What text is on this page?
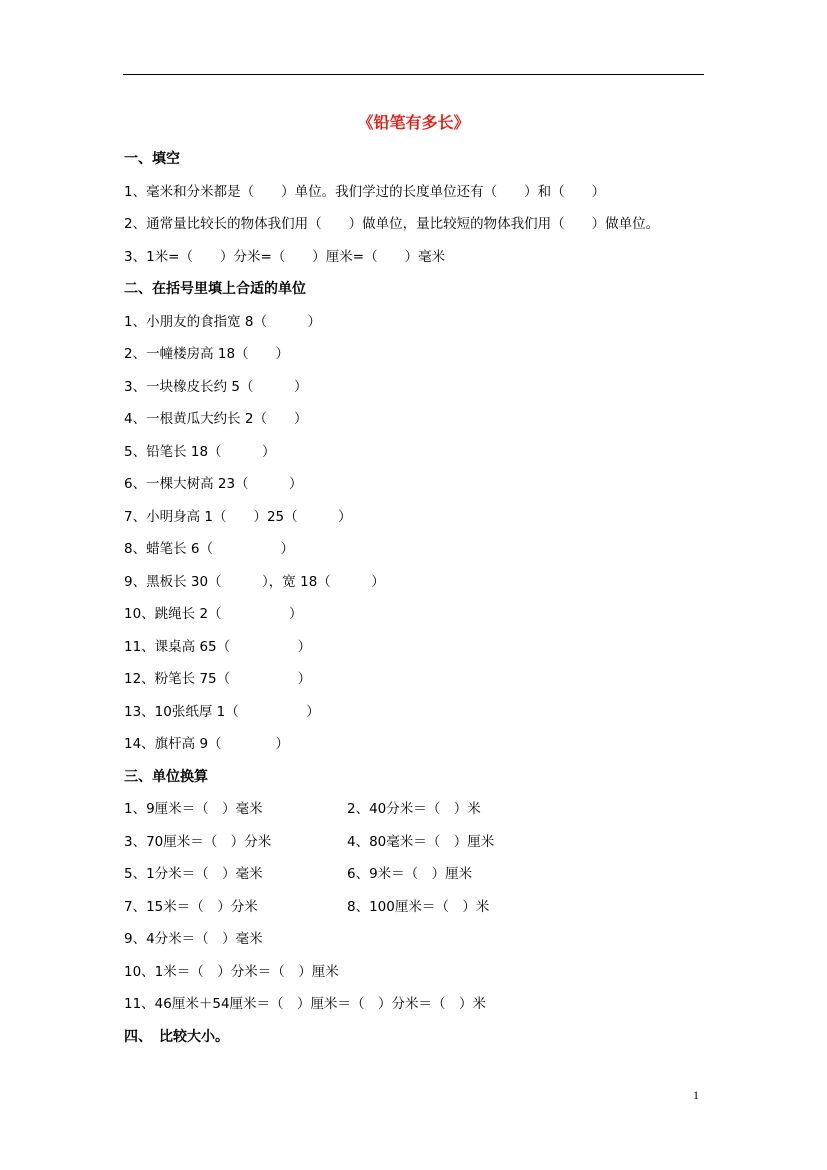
《铅笔有多长》
一、填空
1、毫米和分米都是（　　）单位。我们学过的长度单位还有（　　）和（　　）
2、通常量比较长的物体我们用（　　）做单位，量比较短的物体我们用（　　）做单位。
3、1米=（　　）分米=（　　）厘米=（　　）毫米
二、在括号里填上合适的单位
1、小朋友的食指宽 8（　　　）
2、一幢楼房高 18（　　）
3、一块橡皮长约 5（　　　）
4、一根黄瓜大约长 2（　　）
5、铅笔长 18（　　　）
6、一棵大树高 23（　　　）
7、小明身高 1（　　）25（　　　）
8、蜡笔长 6（　　　　　）
9、黑板长 30（　　　），宽 18（　　　）
10、跳绳长 2（　　　　　）
11、课桌高 65（　　　　　）
12、粉笔长 75（　　　　　）
13、10张纸厚 1（　　　　　）
14、旗杆高 9（　　　　）
三、单位换算
1、9厘米＝（　）毫米	2、40分米＝（　）米
3、70厘米＝（　）分米	4、80毫米＝（　）厘米
5、1分米＝（　）毫米	6、9米＝（　）厘米
7、15米＝（　）分米	8、100厘米＝（　）米
9、4分米＝（　）毫米
10、1米＝（　）分米＝（　）厘米
11、46厘米＋54厘米＝（　）厘米＝（　）分米＝（　）米
四、　比较大小。
1
